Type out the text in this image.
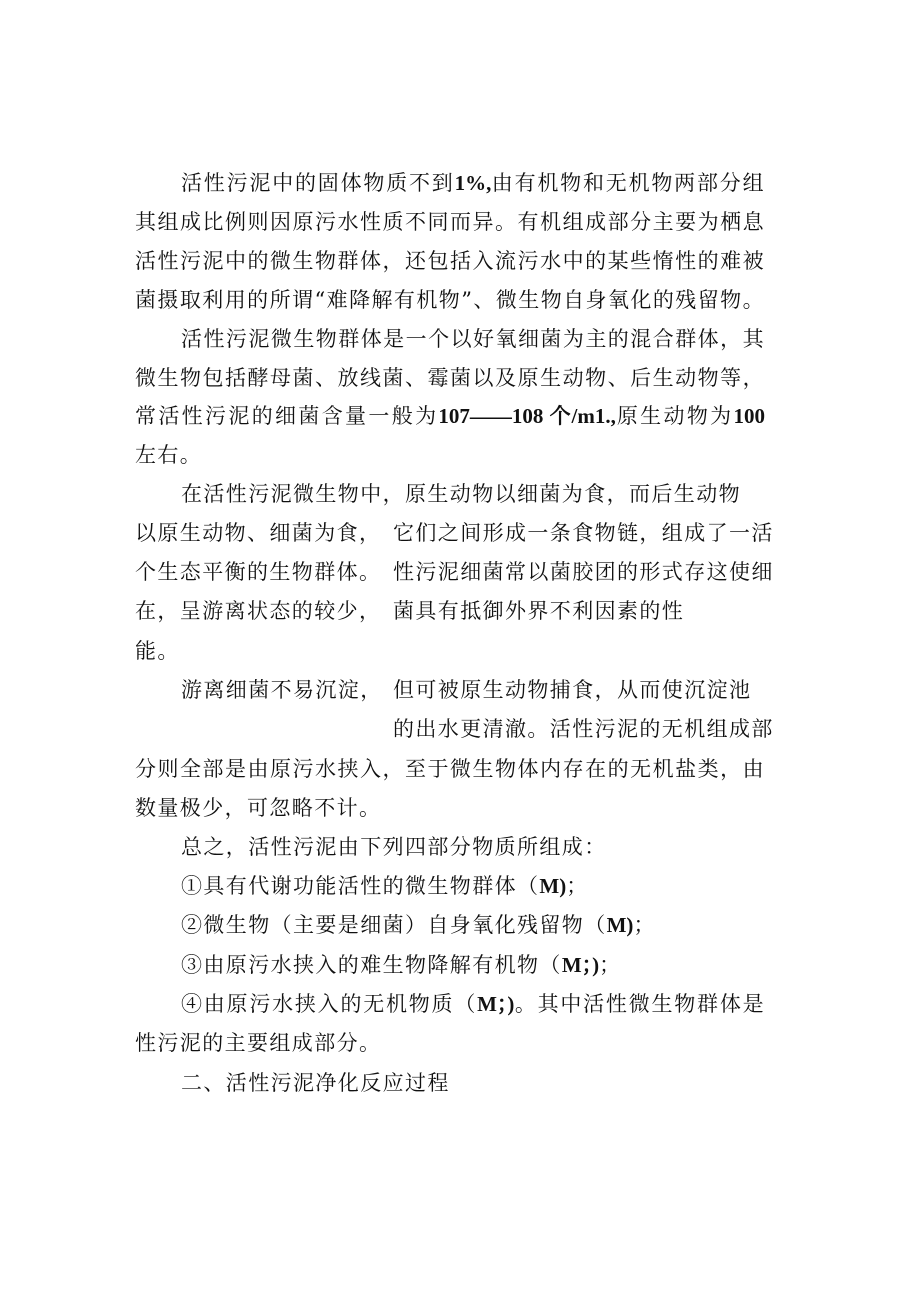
活性污泥中的固体物质不到1%,由有机物和无机物两部分组
其组成比例则因原污水性质不同而异。有机组成部分主要为栖息
活性污泥中的微生物群体，还包括入流污水中的某些惰性的难被
菌摄取利用的所谓“难降解有机物”、微生物自身氧化的残留物。
活性污泥微生物群体是一个以好氧细菌为主的混合群体，其
微生物包括酵母菌、放线菌、霉菌以及原生动物、后生动物等，
常活性污泥的细菌含量一般为107——108 个/m1.,原生动物为100
左右。
在活性污泥微生物中，原生动物以细菌为食，而后生动物
以原生动物、细菌为食， 它们之间形成一条食物链，组成了一活
个生态平衡的生物群体。 性污泥细菌常以菌胶团的形式存这使细
在，呈游离状态的较少， 菌具有抵御外界不利因素的性
能。
游离细菌不易沉淀， 但可被原生动物捕食，从而使沉淀池
的出水更清澈。活性污泥的无机组成部
分则全部是由原污水挟入，至于微生物体内存在的无机盐类，由
数量极少，可忽略不计。
总之，活性污泥由下列四部分物质所组成：
①具有代谢功能活性的微生物群体（M)；
②微生物（主要是细菌）自身氧化残留物（M)；
③由原污水挟入的难生物降解有机物（M；)；
④由原污水挟入的无机物质（M；)。其中活性微生物群体是
性污泥的主要组成部分。
二、活性污泥净化反应过程
